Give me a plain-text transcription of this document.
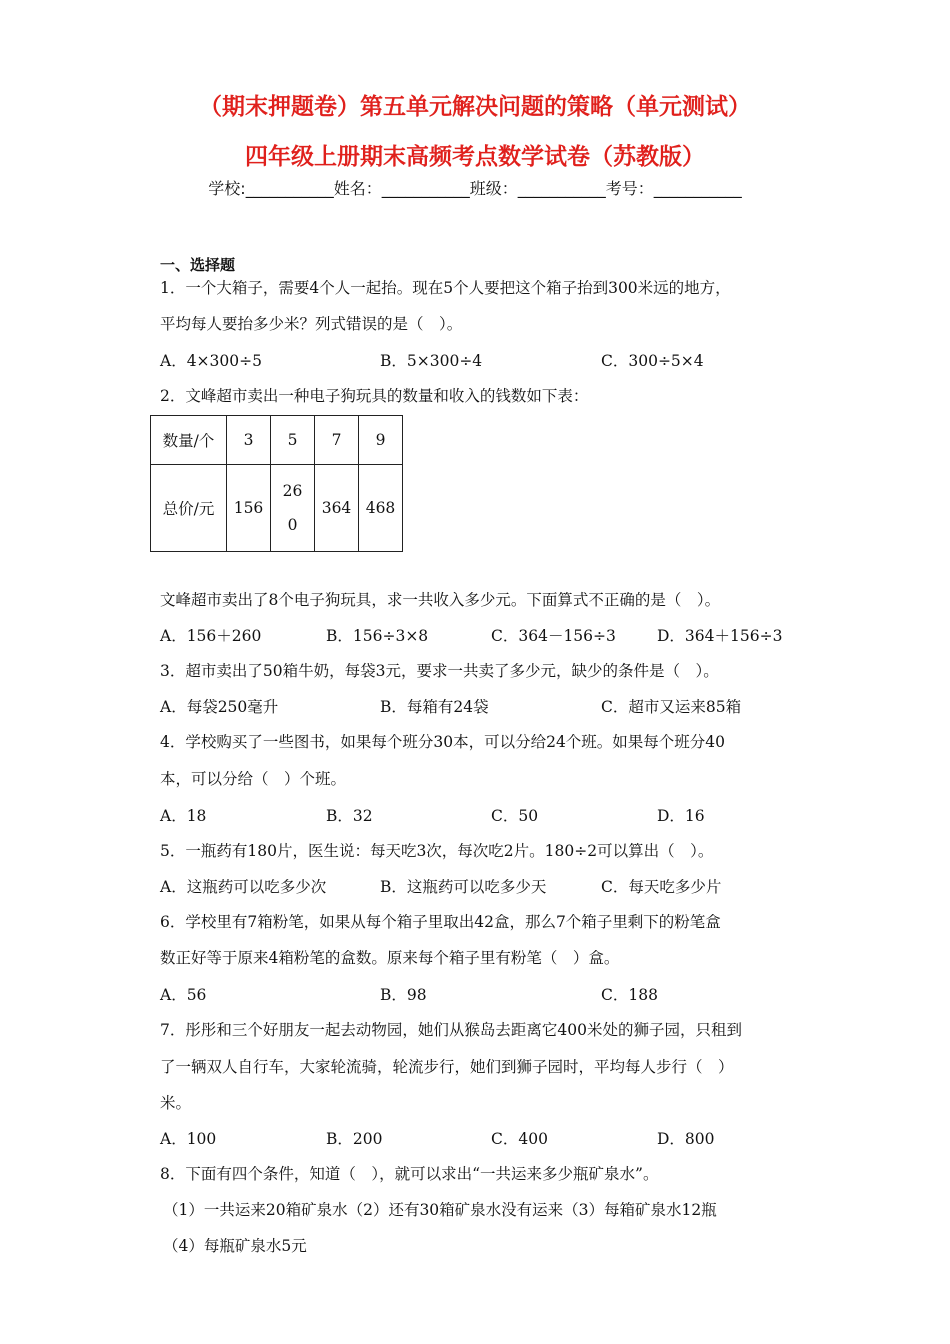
（期末押题卷）第五单元解决问题的策略（单元测试）
四年级上册期末高频考点数学试卷（苏教版）
学校:___________姓名：___________班级：___________考号：___________
一、选择题
1．一个大箱子，需要4个人一起抬。现在5个人要把这个箱子抬到300米远的地方，
平均每人要抬多少米？列式错误的是（　）。
A．4×300÷5	B．5×300÷4	C．300÷5×4
2．文峰超市卖出一种电子狗玩具的数量和收入的钱数如下表：
数量/个	3	5	7	9
总价/元	156	260	364	468
文峰超市卖出了8个电子狗玩具，求一共收入多少元。下面算式不正确的是（　）。
A．156＋260	B．156÷3×8	C．364－156÷3	D．364＋156÷3
3．超市卖出了50箱牛奶，每袋3元，要求一共卖了多少元，缺少的条件是（　）。
A．每袋250毫升	B．每箱有24袋	C．超市又运来85箱
4．学校购买了一些图书，如果每个班分30本，可以分给24个班。如果每个班分40
本，可以分给（　）个班。
A．18	B．32	C．50	D．16
5．一瓶药有180片，医生说：每天吃3次，每次吃2片。180÷2可以算出（　）。
A．这瓶药可以吃多少次	B．这瓶药可以吃多少天	C．每天吃多少片
6．学校里有7箱粉笔，如果从每个箱子里取出42盒，那么7个箱子里剩下的粉笔盒
数正好等于原来4箱粉笔的盒数。原来每个箱子里有粉笔（　）盒。
A．56	B．98	C．188
7．彤彤和三个好朋友一起去动物园，她们从猴岛去距离它400米处的狮子园，只租到
了一辆双人自行车，大家轮流骑，轮流步行，她们到狮子园时，平均每人步行（　）
米。
A．100	B．200	C．400	D．800
8．下面有四个条件，知道（　），就可以求出“一共运来多少瓶矿泉水”。
（1）一共运来20箱矿泉水（2）还有30箱矿泉水没有运来（3）每箱矿泉水12瓶
（4）每瓶矿泉水5元
